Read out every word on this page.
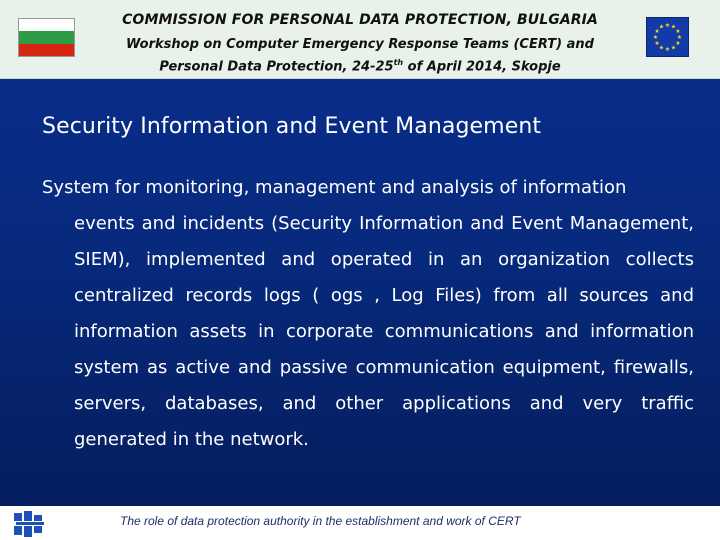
COMMISSION FOR PERSONAL DATA PROTECTION, BULGARIA
Workshop on Computer Emergency Response Teams (CERT) and
Personal Data Protection, 24-25th of April 2014, Skopje
★ ★
★
★
★
★
★
★
★
★
★
★
Security Information and Event Management
System for monitoring, management and analysis of information
events and incidents (Security Information and Event Management, SIEM), implemented and operated in an organization collects centralized records logs ( ogs , Log Files) from all sources and information assets in corporate communications and information system as active and passive communication equipment, firewalls, servers, databases, and other applications and very traffic generated in the network.
The role of data protection authority in the establishment and work of CERT
